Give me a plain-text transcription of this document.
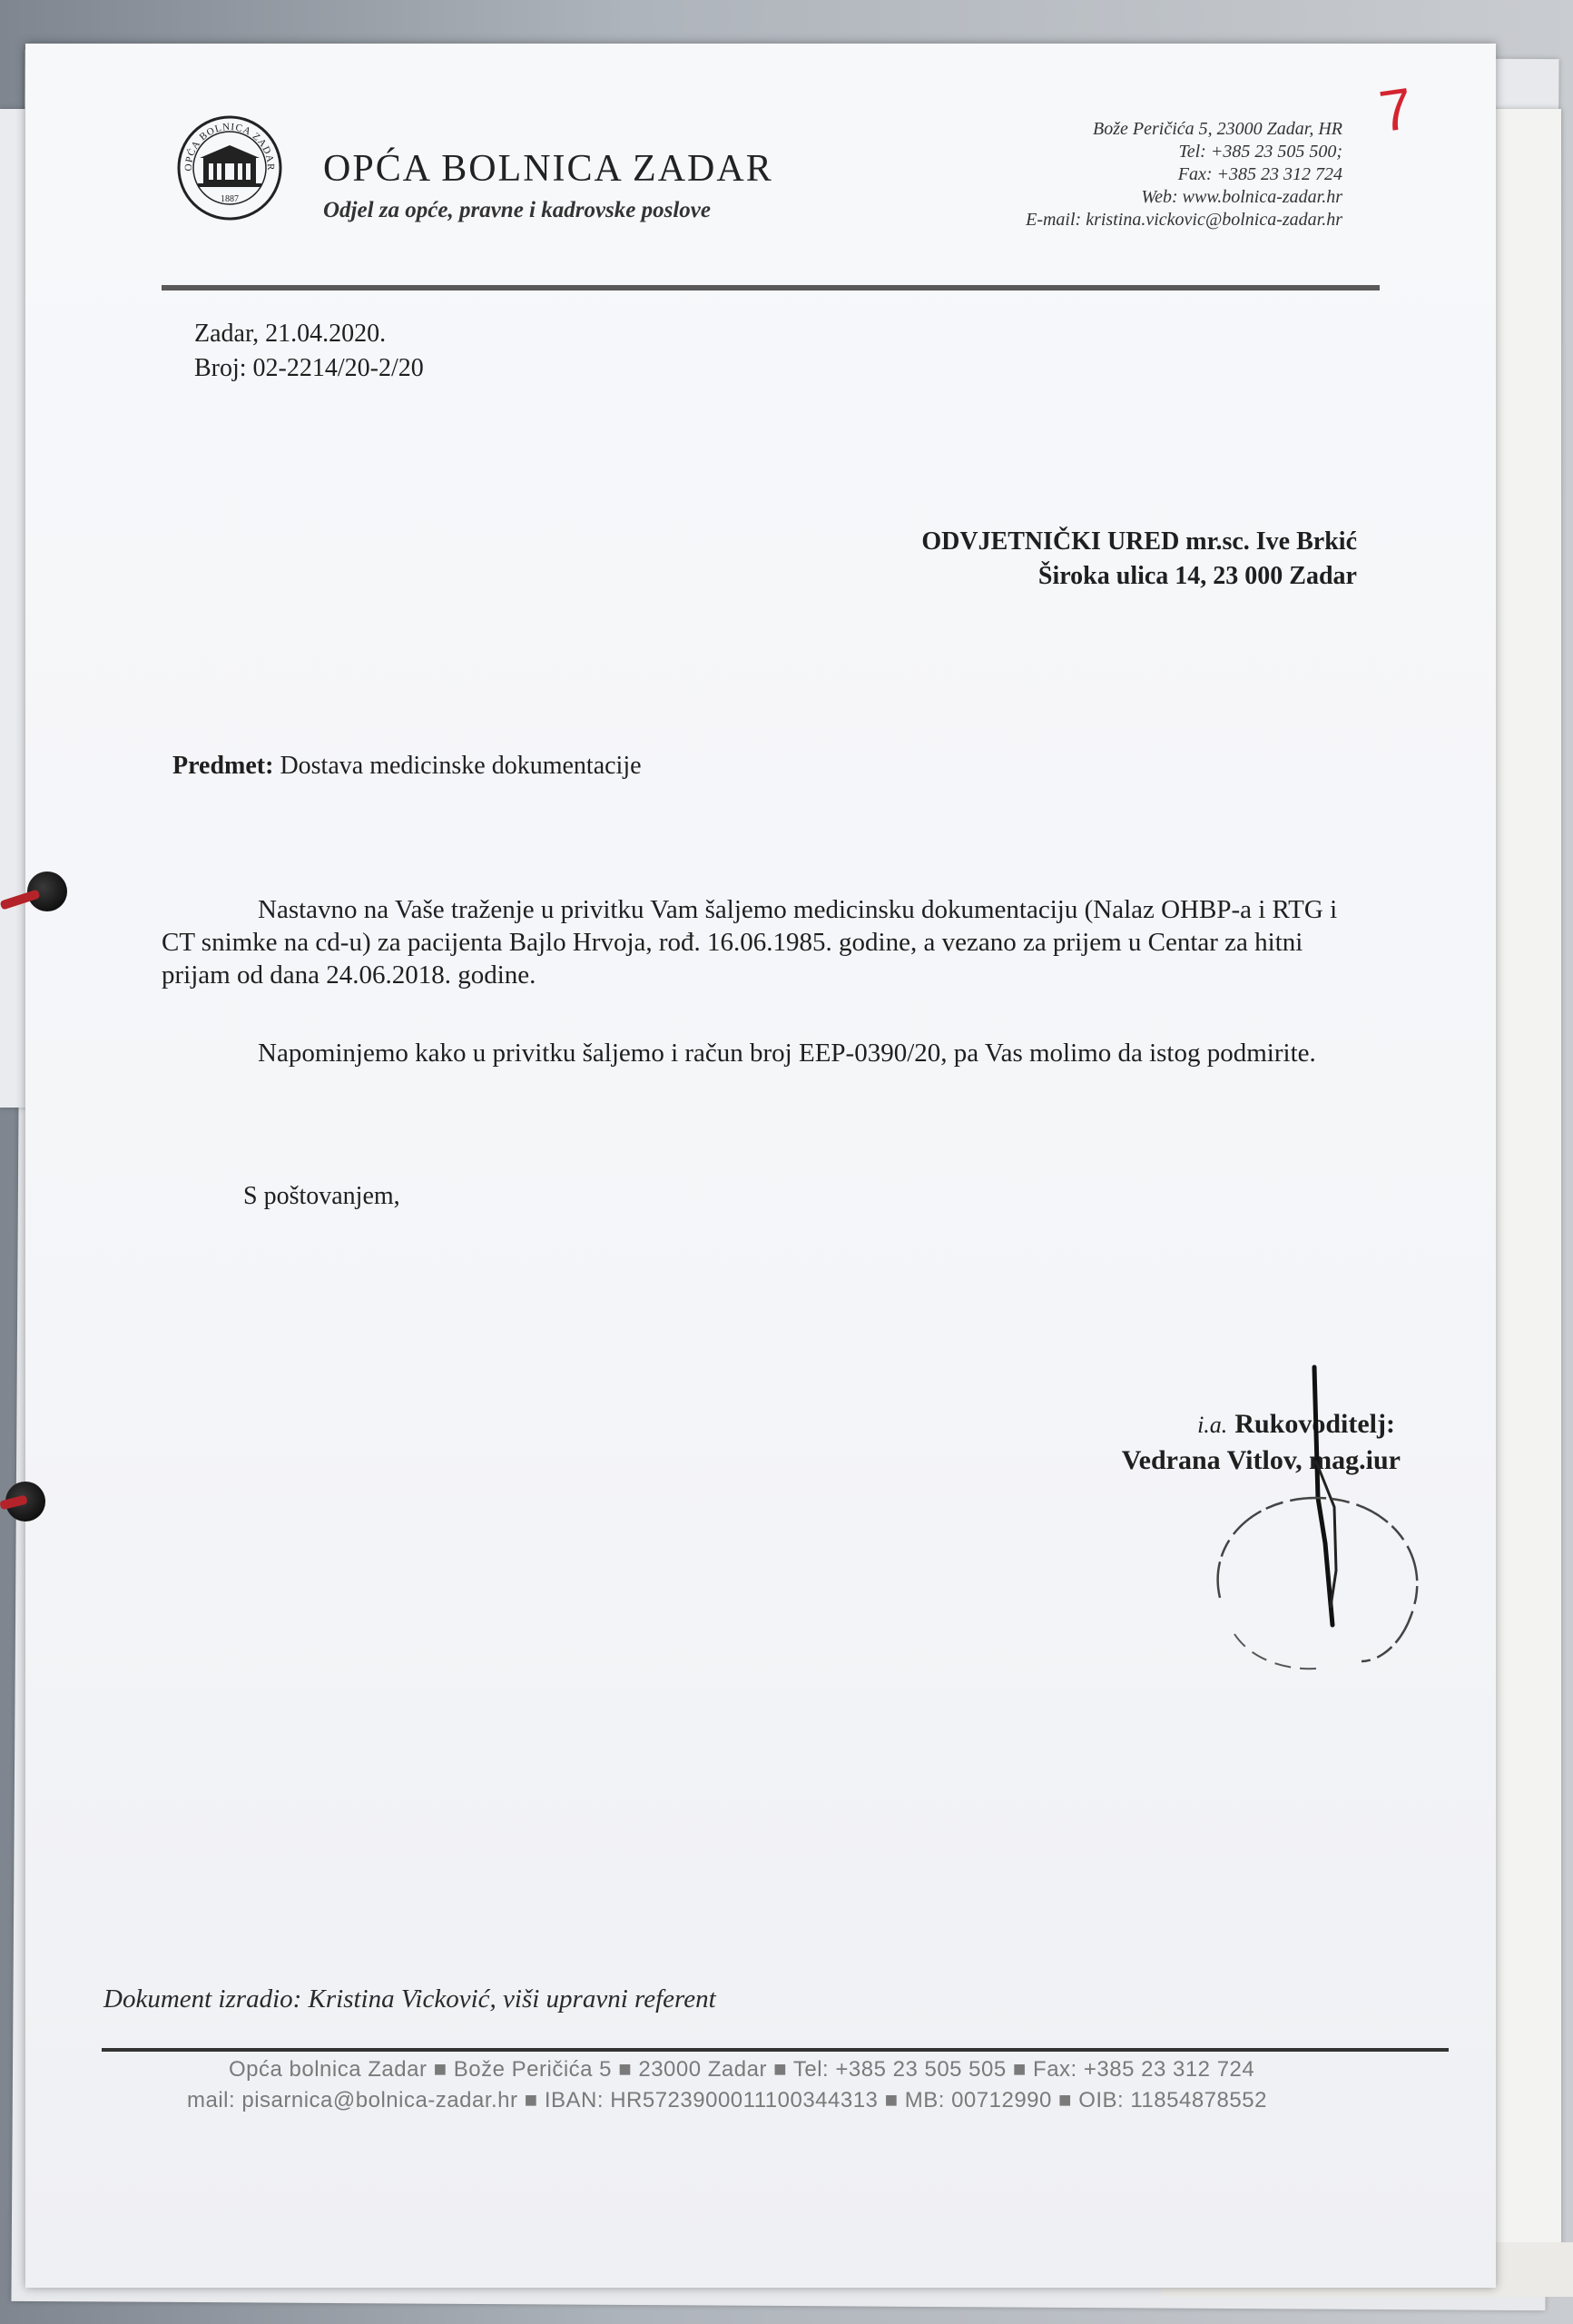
OPĆA BOLNICA ZADAR
1887
OPĆA BOLNICA ZADAR
Odjel za opće, pravne i kadrovske poslove
Bože Peričića 5, 23000 Zadar, HR
Tel: +385 23 505 500;
Fax: +385 23 312 724
Web: www.bolnica-zadar.hr
E-mail: kristina.vickovic@bolnica-zadar.hr
7
Zadar, 21.04.2020.
Broj: 02-2214/20-2/20
ODVJETNIČKI URED mr.sc. Ive Brkić
Široka ulica 14, 23 000 Zadar
Predmet: Dostava medicinske dokumentacije
Nastavno na Vaše traženje u privitku Vam šaljemo medicinsku dokumentaciju (Nalaz OHBP-a i RTG i CT snimke na cd-u) za pacijenta Bajlo Hrvoja, rođ. 16.06.1985. godine, a vezano za prijem u Centar za hitni prijam od dana 24.06.2018. godine.
Napominjemo kako u privitku šaljemo i račun broj EEP-0390/20, pa Vas molimo da istog podmirite.
S poštovanjem,
i.a. Rukovoditelj:
Vedrana Vitlov, mag.iur
Dokument izradio: Kristina Vicković, viši upravni referent
Opća bolnica Zadar ■ Bože Peričića 5 ■ 23000 Zadar ■ Tel: +385 23 505 505 ■ Fax: +385 23 312 724
mail: pisarnica@bolnica-zadar.hr ■ IBAN: HR5723900011100344313 ■ MB: 00712990 ■ OIB: 11854878552
